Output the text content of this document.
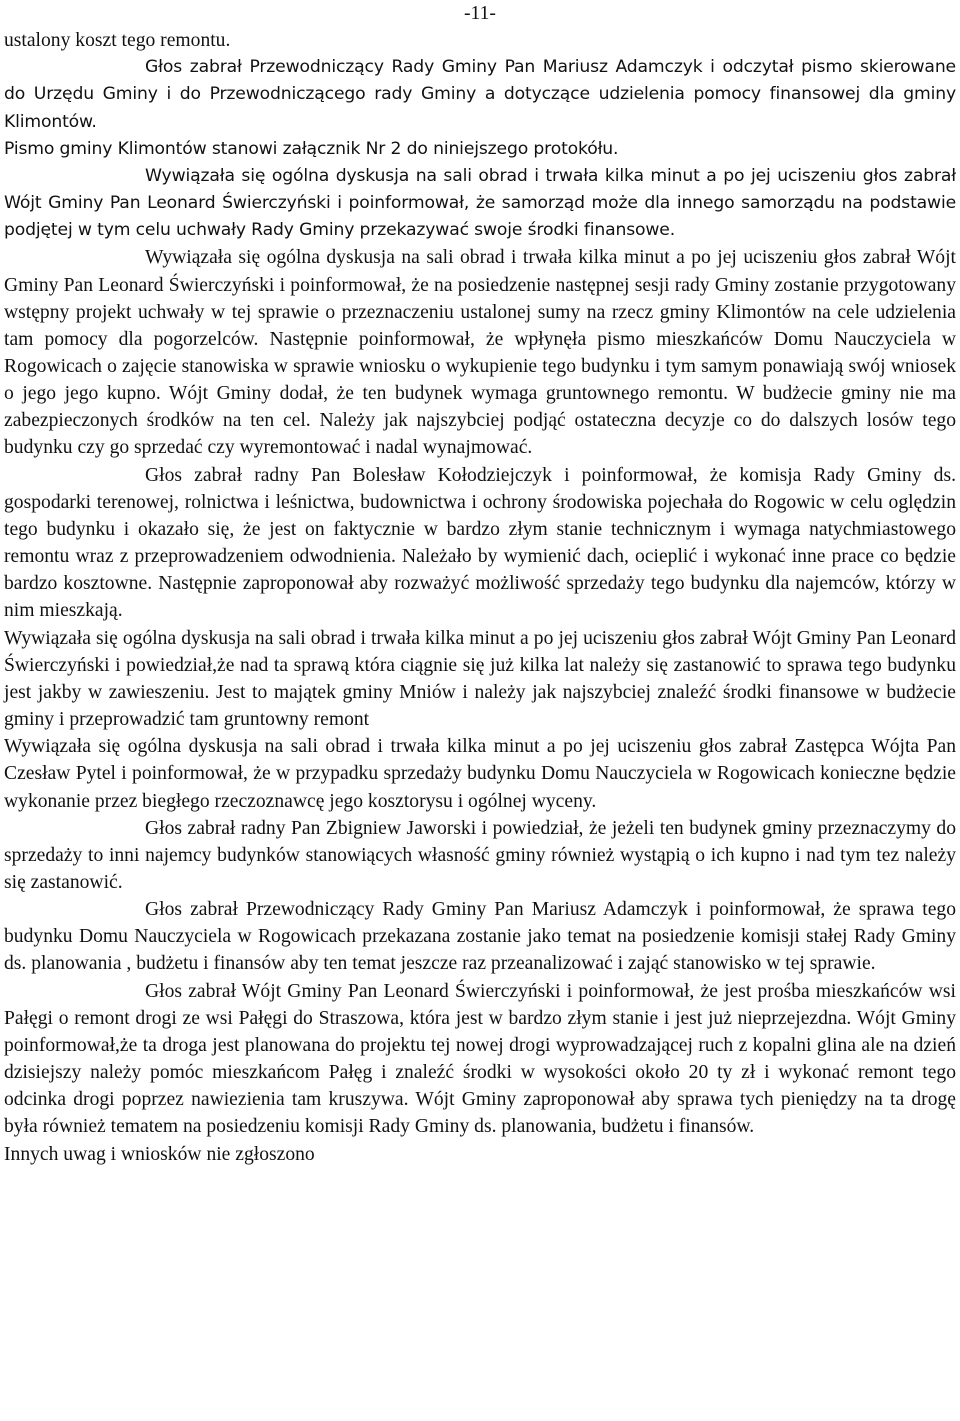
-11-

ustalony koszt tego remontu.

Głos zabrał Przewodniczący Rady Gminy Pan Mariusz Adamczyk i odczytał pismo skierowane do Urzędu Gminy i do Przewodniczącego rady Gminy a dotyczące udzielenia pomocy finansowej dla gminy Klimontów.

Pismo gminy Klimontów stanowi załącznik Nr 2 do niniejszego protokółu.

Wywiązała się ogólna dyskusja na sali obrad i trwała kilka minut a po jej uciszeniu głos zabrał Wójt Gminy Pan Leonard Świerczyński i poinformował, że samorząd może dla innego samorządu na podstawie podjętej w tym celu uchwały Rady Gminy przekazywać swoje środki finansowe.

Wywiązała się ogólna dyskusja na sali obrad i trwała kilka minut a po jej uciszeniu głos zabrał Wójt Gminy Pan Leonard Świerczyński i poinformował, że na posiedzenie następnej sesji rady Gminy zostanie przygotowany wstępny projekt uchwały w tej sprawie o przeznaczeniu ustalonej sumy na rzecz gminy Klimontów na cele udzielenia tam pomocy dla pogorzelców. Następnie poinformował, że wpłynęła pismo mieszkańców Domu Nauczyciela w Rogowicach o zajęcie stanowiska w sprawie wniosku o wykupienie tego budynku i tym samym ponawiają swój wniosek o jego jego kupno. Wójt Gminy dodał, że ten budynek wymaga gruntownego remontu. W budżecie gminy nie ma zabezpieczonych środków na ten cel. Należy jak najszybciej podjąć ostateczna decyzje co do dalszych losów tego budynku czy go sprzedać czy wyremontować i nadal wynajmować.

Głos zabrał radny Pan Bolesław Kołodziejczyk i poinformował, że komisja Rady Gminy ds. gospodarki terenowej, rolnictwa i leśnictwa, budownictwa i ochrony środowiska pojechała do Rogowic w celu oględzin tego budynku i okazało się, że jest on faktycznie w bardzo złym stanie technicznym i wymaga natychmiastowego remontu wraz z przeprowadzeniem odwodnienia. Należało by wymienić dach, ocieplić i wykonać inne prace co będzie bardzo kosztowne. Następnie zaproponował aby rozważyć możliwość sprzedaży tego budynku dla najemców, którzy w nim mieszkają.

Wywiązała się ogólna dyskusja na sali obrad i trwała kilka minut a po jej uciszeniu głos zabrał Wójt Gminy Pan Leonard Świerczyński i powiedział,że nad ta sprawą która ciągnie się już kilka lat należy się zastanowić to sprawa tego budynku jest jakby w zawieszeniu. Jest to majątek gminy Mniów i należy jak najszybciej znaleźć środki finansowe w budżecie gminy i przeprowadzić tam gruntowny remont

Wywiązała się ogólna dyskusja na sali obrad i trwała kilka minut a po jej uciszeniu głos zabrał Zastępca Wójta Pan Czesław Pytel i poinformował, że w przypadku sprzedaży budynku Domu Nauczyciela w Rogowicach konieczne będzie wykonanie przez biegłego rzeczoznawcę jego kosztorysu i ogólnej wyceny.

Głos zabrał radny Pan Zbigniew Jaworski i powiedział, że jeżeli ten budynek gminy przeznaczymy do sprzedaży to inni najemcy budynków stanowiących własność gminy również wystąpią o ich kupno i nad tym tez należy się zastanowić.

Głos zabrał Przewodniczący Rady Gminy Pan Mariusz Adamczyk i poinformował, że sprawa tego budynku Domu Nauczyciela w Rogowicach przekazana zostanie jako temat na posiedzenie komisji stałej Rady Gminy ds. planowania , budżetu i finansów aby ten temat jeszcze raz przeanalizować i zająć stanowisko w tej sprawie.

Głos zabrał Wójt Gminy Pan Leonard Świerczyński i poinformował, że jest prośba mieszkańców wsi Pałęgi o remont drogi ze wsi Pałęgi do Straszowa, która jest w bardzo złym stanie i jest już nieprzejezdna. Wójt Gminy poinformował,że ta droga jest planowana do projektu tej nowej drogi wyprowadzającej ruch z kopalni glina ale na dzień dzisiejszy należy pomóc mieszkańcom Pałęg i znaleźć środki w wysokości około 20 ty zł i wykonać remont tego odcinka drogi poprzez nawiezienia tam kruszywa. Wójt Gminy zaproponował aby sprawa tych pieniędzy na ta drogę była również tematem na posiedzeniu komisji Rady Gminy ds. planowania, budżetu i finansów.

Innych uwag i wniosków nie zgłoszono
